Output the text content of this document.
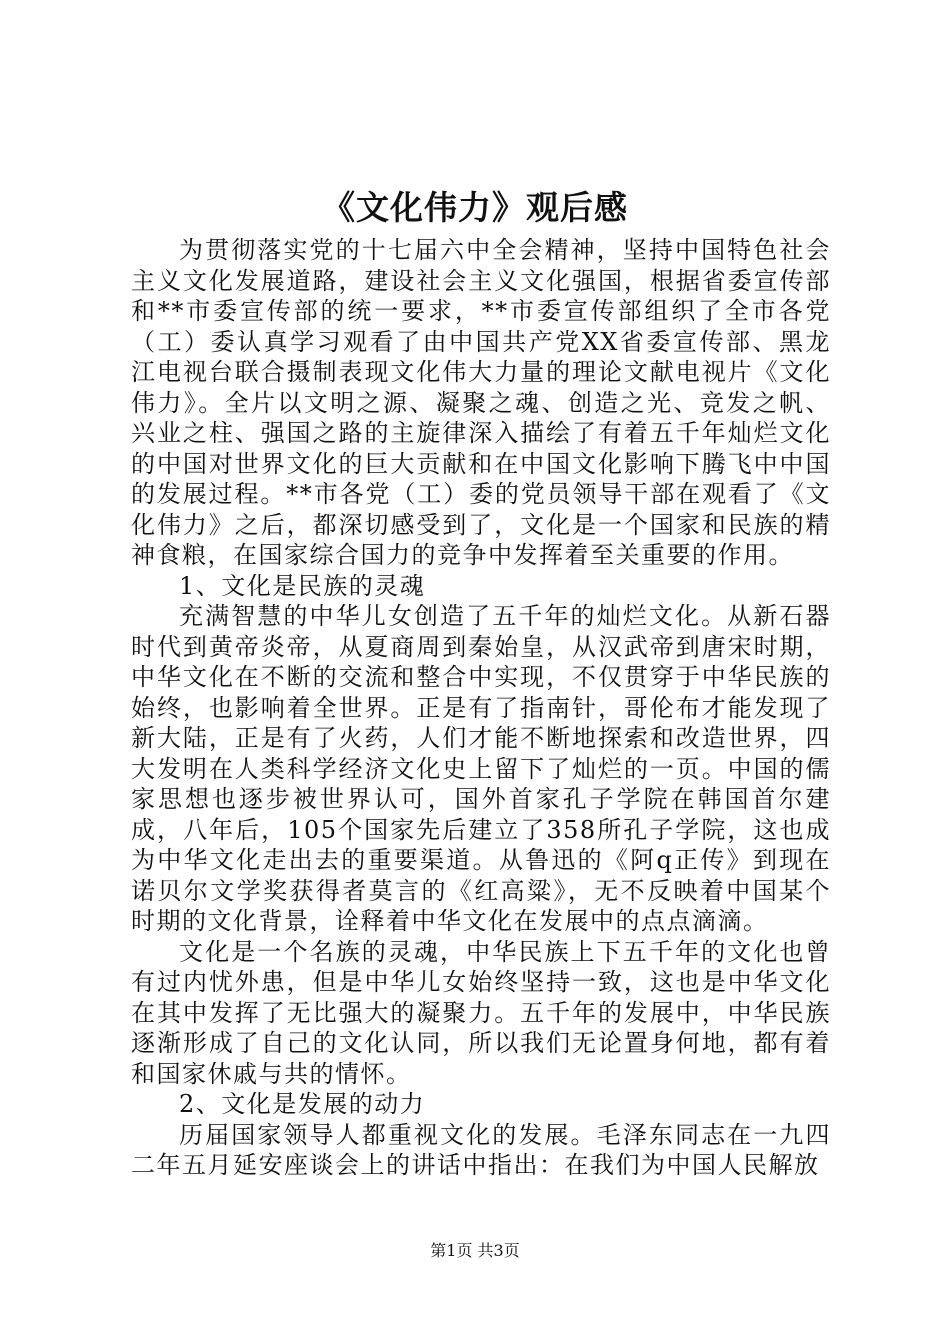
《文化伟力》观后感

为贯彻落实党的十七届六中全会精神，坚持中国特色社会主义文化发展道路，建设社会主义文化强国，根据省委宣传部和**市委宣传部的统一要求，**市委宣传部组织了全市各党（工）委认真学习观看了由中国共产党XX省委宣传部、黑龙江电视台联合摄制表现文化伟大力量的理论文献电视片《文化伟力》。全片以文明之源、凝聚之魂、创造之光、竞发之帆、兴业之柱、强国之路的主旋律深入描绘了有着五千年灿烂文化的中国对世界文化的巨大贡献和在中国文化影响下腾飞中中国的发展过程。**市各党（工）委的党员领导干部在观看了《文化伟力》之后，都深切感受到了，文化是一个国家和民族的精神食粮，在国家综合国力的竞争中发挥着至关重要的作用。

1、文化是民族的灵魂

充满智慧的中华儿女创造了五千年的灿烂文化。从新石器时代到黄帝炎帝，从夏商周到秦始皇，从汉武帝到唐宋时期，中华文化在不断的交流和整合中实现，不仅贯穿于中华民族的始终，也影响着全世界。正是有了指南针，哥伦布才能发现了新大陆，正是有了火药，人们才能不断地探索和改造世界，四大发明在人类科学经济文化史上留下了灿烂的一页。中国的儒家思想也逐步被世界认可，国外首家孔子学院在韩国首尔建成，八年后，105个国家先后建立了358所孔子学院，这也成为中华文化走出去的重要渠道。从鲁迅的《阿q正传》到现在诺贝尔文学奖获得者莫言的《红高粱》，无不反映着中国某个时期的文化背景，诠释着中华文化在发展中的点点滴滴。

文化是一个名族的灵魂，中华民族上下五千年的文化也曾有过内忧外患，但是中华儿女始终坚持一致，这也是中华文化在其中发挥了无比强大的凝聚力。五千年的发展中，中华民族逐渐形成了自己的文化认同，所以我们无论置身何地，都有着和国家休戚与共的情怀。

2、文化是发展的动力

历届国家领导人都重视文化的发展。毛泽东同志在一九四二年五月延安座谈会上的讲话中指出：在我们为中国人民解放

第1页 共3页
